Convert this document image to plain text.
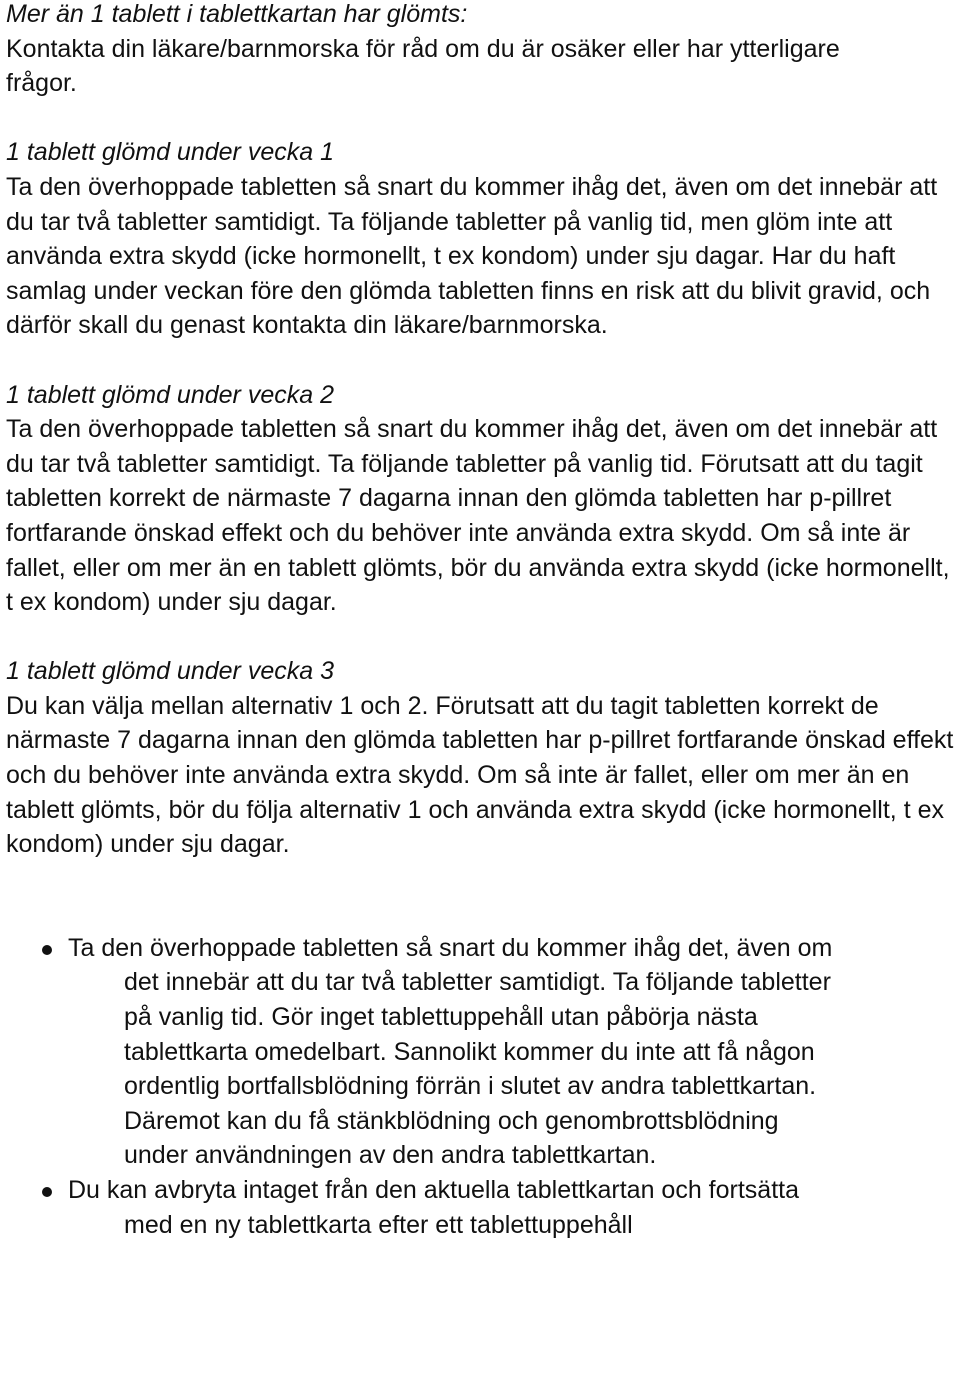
Mer än 1 tablett i tablettkartan har glömts:

Kontakta din läkare/barnmorska för råd om du är osäker eller har ytterligare frågor.

1 tablett glömd under vecka 1

Ta den överhoppade tabletten så snart du kommer ihåg det, även om det innebär att du tar två tabletter samtidigt. Ta följande tabletter på vanlig tid, men glöm inte att använda extra skydd (icke hormonellt, t ex kondom) under sju dagar. Har du haft samlag under veckan före den glömda tabletten finns en risk att du blivit gravid, och därför skall du genast kontakta din läkare/barnmorska.

1 tablett glömd under vecka 2

Ta den överhoppade tabletten så snart du kommer ihåg det, även om det innebär att du tar två tabletter samtidigt. Ta följande tabletter på vanlig tid. Förutsatt att du tagit tabletten korrekt de närmaste 7 dagarna innan den glömda tabletten har p-pillret fortfarande önskad effekt och du behöver inte använda extra skydd. Om så inte är fallet, eller om mer än en tablett glömts, bör du använda extra skydd (icke hormonellt, t ex kondom) under sju dagar.

1 tablett glömd under vecka 3

Du kan välja mellan alternativ 1 och 2. Förutsatt att du tagit tabletten korrekt de närmaste 7 dagarna innan den glömda tabletten har p-pillret fortfarande önskad effekt och du behöver inte använda extra skydd. Om så inte är fallet, eller om mer än en tablett glömts, bör du följa alternativ 1 och använda extra skydd (icke hormonellt, t ex kondom) under sju dagar.

Ta den överhoppade tabletten så snart du kommer ihåg det, även om det innebär att du tar två tabletter samtidigt. Ta följande tabletter på vanlig tid. Gör inget tablettuppehåll utan påbörja nästa tablettkarta omedelbart. Sannolikt kommer du inte att få någon ordentlig bortfallsblödning förrän i slutet av andra tablettkartan. Däremot kan du få stänkblödning och genombrottsblödning under användningen av den andra tablettkartan.
Du kan avbryta intaget från den aktuella tablettkartan och fortsätta med en ny tablettkarta efter ett tablettuppehåll
